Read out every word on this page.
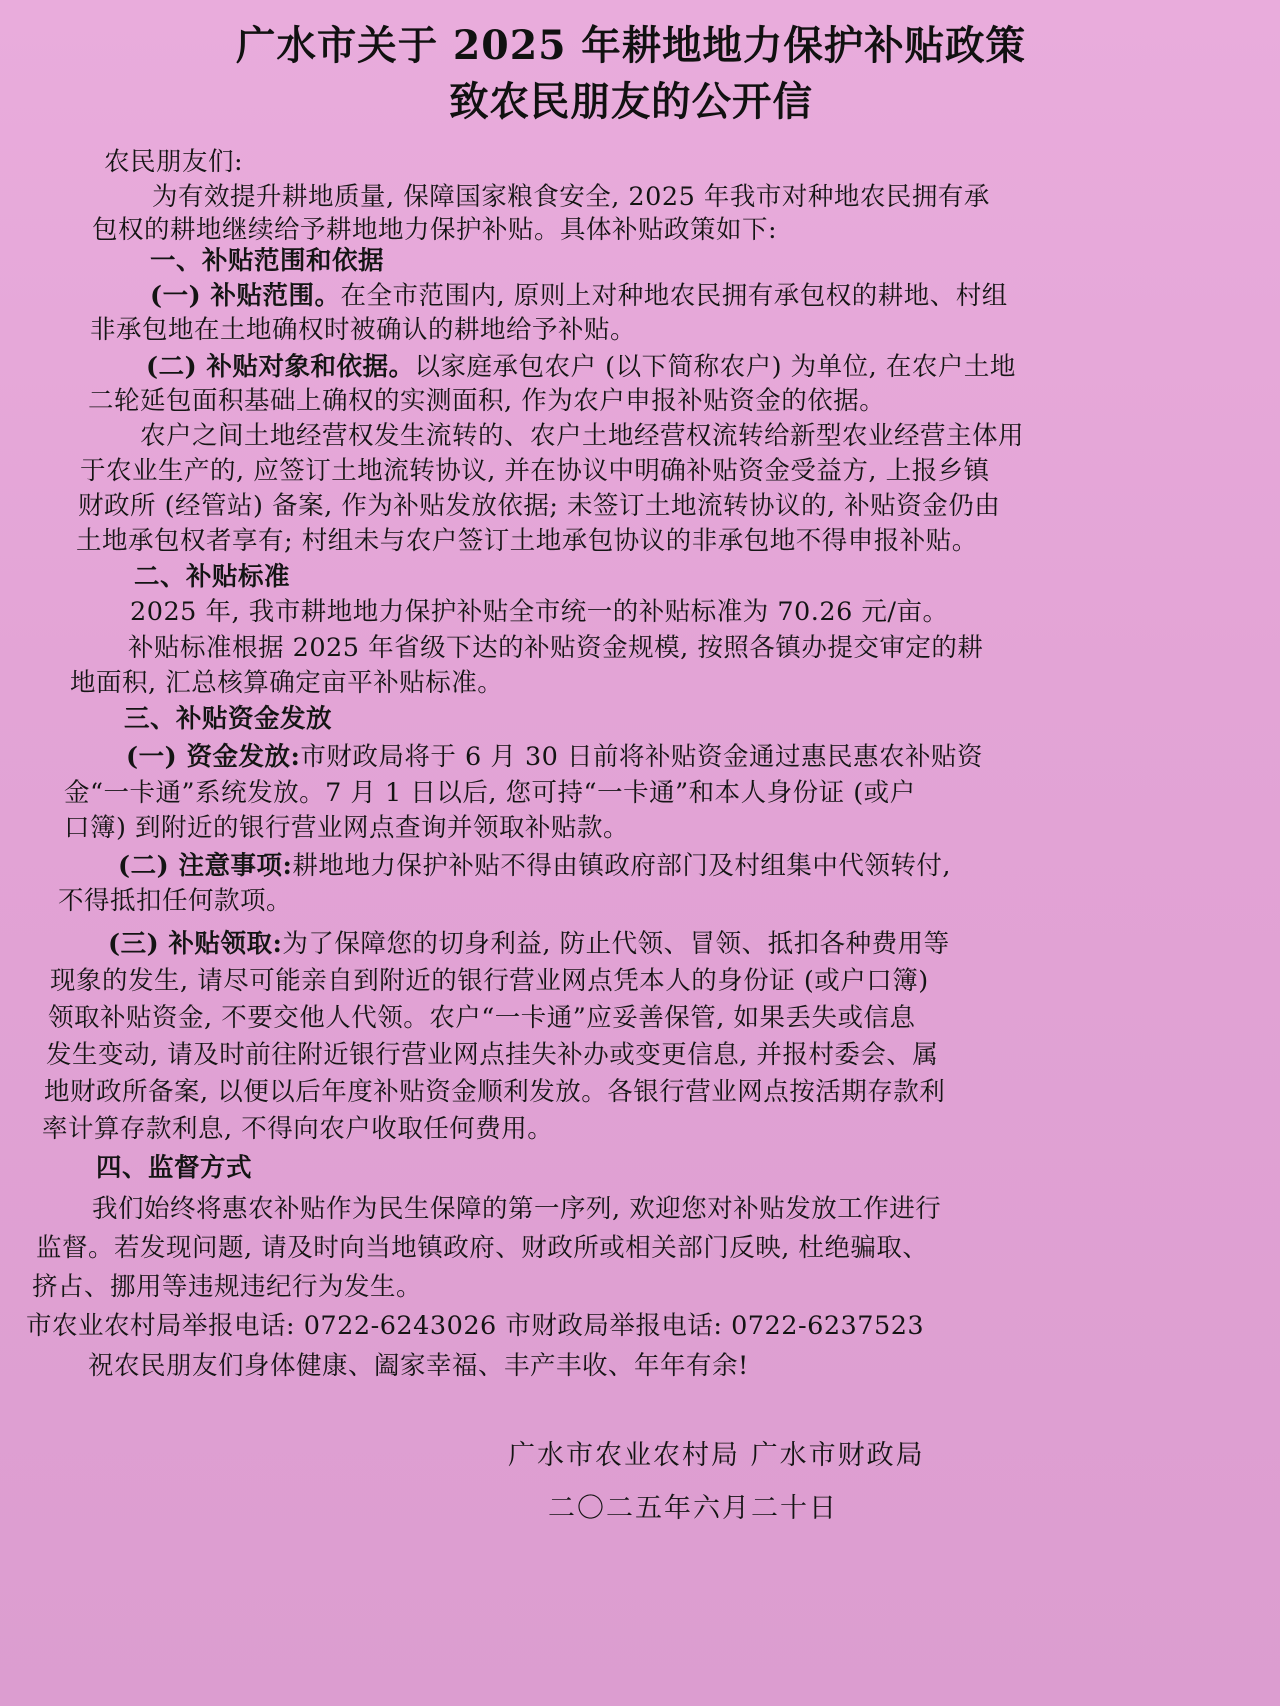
广水市关于 2025 年耕地地力保护补贴政策
致农民朋友的公开信
农民朋友们:
为有效提升耕地质量, 保障国家粮食安全, 2025 年我市对种地农民拥有承
包权的耕地继续给予耕地地力保护补贴。具体补贴政策如下:
一、补贴范围和依据
(一) 补贴范围。在全市范围内, 原则上对种地农民拥有承包权的耕地、村组
非承包地在土地确权时被确认的耕地给予补贴。
(二) 补贴对象和依据。以家庭承包农户 (以下简称农户) 为单位, 在农户土地
二轮延包面积基础上确权的实测面积, 作为农户申报补贴资金的依据。
农户之间土地经营权发生流转的、农户土地经营权流转给新型农业经营主体用
于农业生产的, 应签订土地流转协议, 并在协议中明确补贴资金受益方, 上报乡镇
财政所 (经管站) 备案, 作为补贴发放依据; 未签订土地流转协议的, 补贴资金仍由
土地承包权者享有; 村组未与农户签订土地承包协议的非承包地不得申报补贴。
二、补贴标准
2025 年, 我市耕地地力保护补贴全市统一的补贴标准为 70.26 元/亩。
补贴标准根据 2025 年省级下达的补贴资金规模, 按照各镇办提交审定的耕
地面积, 汇总核算确定亩平补贴标准。
三、补贴资金发放
(一) 资金发放:市财政局将于 6 月 30 日前将补贴资金通过惠民惠农补贴资
金“一卡通”系统发放。7 月 1 日以后, 您可持“一卡通”和本人身份证 (或户
口簿) 到附近的银行营业网点查询并领取补贴款。
(二) 注意事项:耕地地力保护补贴不得由镇政府部门及村组集中代领转付,
不得抵扣任何款项。
(三) 补贴领取:为了保障您的切身利益, 防止代领、冒领、抵扣各种费用等
现象的发生, 请尽可能亲自到附近的银行营业网点凭本人的身份证 (或户口簿)
领取补贴资金, 不要交他人代领。农户“一卡通”应妥善保管, 如果丢失或信息
发生变动, 请及时前往附近银行营业网点挂失补办或变更信息, 并报村委会、属
地财政所备案, 以便以后年度补贴资金顺利发放。各银行营业网点按活期存款利
率计算存款利息, 不得向农户收取任何费用。
四、监督方式
我们始终将惠农补贴作为民生保障的第一序列, 欢迎您对补贴发放工作进行
监督。若发现问题, 请及时向当地镇政府、财政所或相关部门反映, 杜绝骗取、
挤占、挪用等违规违纪行为发生。
市农业农村局举报电话: 0722-6243026 市财政局举报电话: 0722-6237523
祝农民朋友们身体健康、阖家幸福、丰产丰收、年年有余!
广水市农业农村局 广水市财政局
二〇二五年六月二十日
